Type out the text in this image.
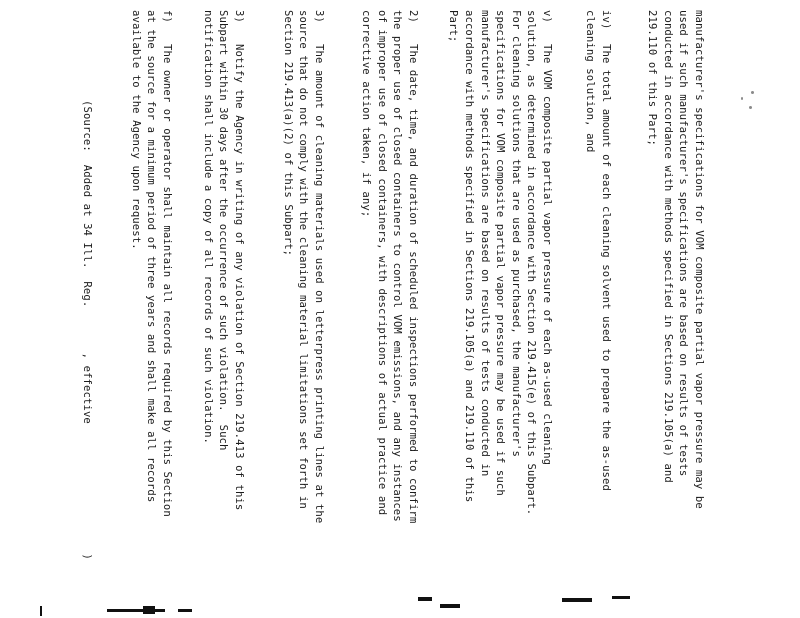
manufacturer's specifications for VOM composite partial vapor pressure may be
used if such manufacturer's specifications are based on results of tests
conducted in accordance with methods specified in Sections 219.105(a) and
219.110 of this Part;
iv)The total amount of each cleaning solvent used to prepare the as-used
cleaning solution, and
v)The VOM composite partial vapor pressure of each as-used cleaning
solution, as determined in accordance with Section 219.415(e) of this Subpart.
For cleaning solutions that are used as purchased, the manufacturer's
specifications for VOM composite partial vapor pressure may be used if such
manufacturer's specifications are based on results of tests conducted in
accordance with methods specified in Sections 219.105(a) and 219.110 of this
Part;
2)The date, time, and duration of scheduled inspections performed to confirm
the proper use of closed containers to control VOM emissions, and any instances
of improper use of closed containers, with descriptions of actual practice and
corrective action taken, if any;
3)The amount of cleaning materials used on letterpress printing lines at the
source that do not comply with the cleaning material limitations set forth in
Section 219.413(a)(2) of this Subpart;
3)Notify the Agency in writing of any violation of Section 219.413 of this
Subpart within 30 days after the occurrence of such violation.  Such
notification shall include a copy of all records of such violation.
f)The owner or operator shall maintain all records required by this Section
at the source for a minimum period of three years and shall make all records
available to the Agency upon request.
(Source:  Added at 34 Ill.  Reg.       , effective                    )
